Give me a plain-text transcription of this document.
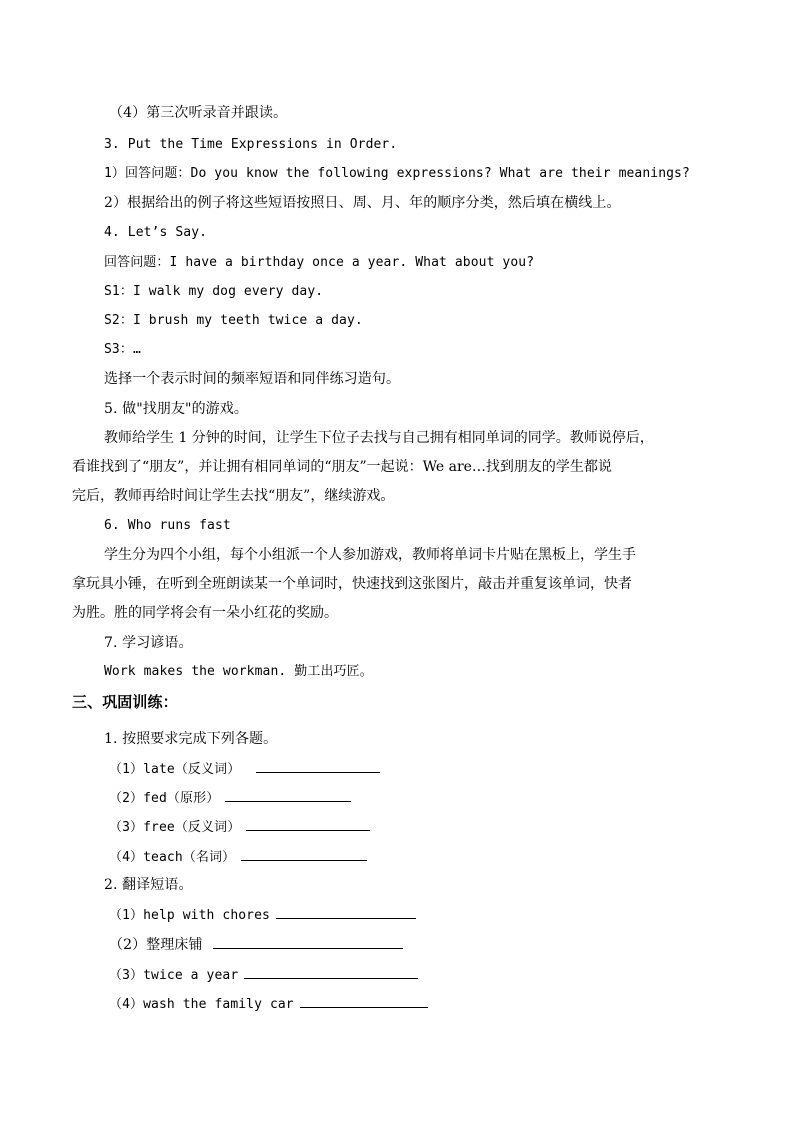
（4）第三次听录音并跟读。
3. Put the Time Expressions in Order.
1）回答问题：Do you know the following expressions? What are their meanings?
2）根据给出的例子将这些短语按照日、周、月、年的顺序分类，然后填在横线上。
4. Let’s Say.
回答问题：I have a birthday once a year. What about you?
S1：I walk my dog every day.
S2：I brush my teeth twice a day.
S3：…
选择一个表示时间的频率短语和同伴练习造句。
5. 做"找朋友"的游戏。
教师给学生 1 分钟的时间，让学生下位子去找与自己拥有相同单词的同学。教师说停后，
看谁找到了“朋友”，并让拥有相同单词的“朋友”一起说：We are…找到朋友的学生都说
完后，教师再给时间让学生去找“朋友”，继续游戏。
6. Who runs fast
学生分为四个小组，每个小组派一个人参加游戏，教师将单词卡片贴在黑板上，学生手
拿玩具小锤，在听到全班朗读某一个单词时，快速找到这张图片，敲击并重复该单词，快者
为胜。胜的同学将会有一朵小红花的奖励。
7. 学习谚语。
Work makes the workman. 勤工出巧匠。
三、巩固训练：
1. 按照要求完成下列各题。
（1）late（反义词）
（2）fed（原形）
（3）free（反义词）
（4）teach（名词）
2. 翻译短语。
（1）help with chores
（2）整理床铺
（3）twice a year
（4）wash the family car
